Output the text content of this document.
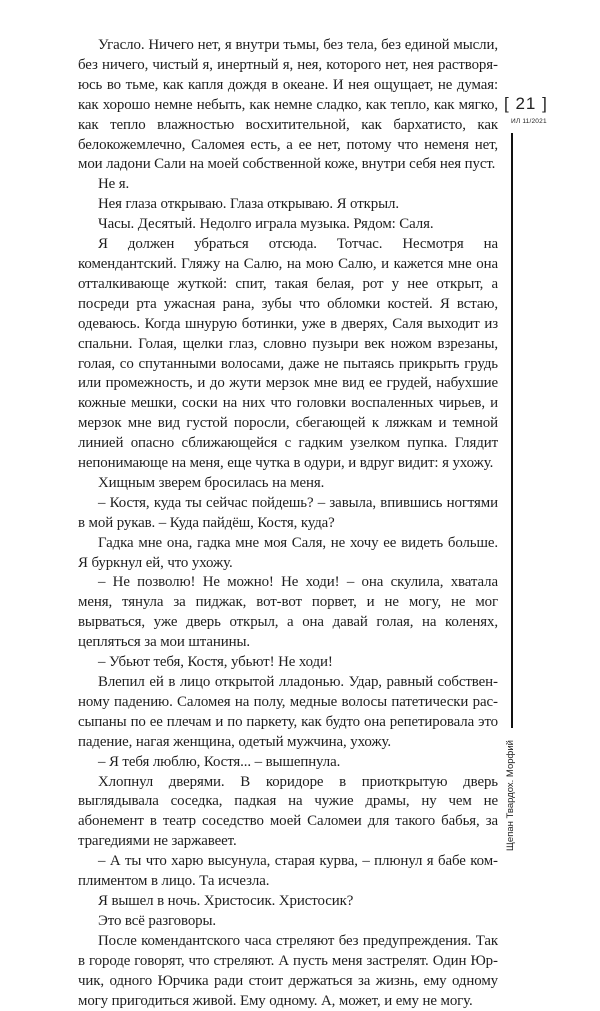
Угасло. Ничего нет, я внутри тьмы, без тела, без единой мысли, без ничего, чистый я, инертный я, нея, которого нет, нея растворяюсь во тьме, как капля дождя в океане. И нея ощущает, не думая: как хорошо немне небыть, как немне сладко, как тепло, как мягко, как тепло влажностью восхитительной, как бархатисто, как белокожемлечно, Саломея есть, а ее нет, потому что неменя нет, мои ладони Сали на моей собственной коже, внутри себя нея пуст.

Не я.

Нея глаза открываю. Глаза открываю. Я открыл.

Часы. Десятый. Недолго играла музыка. Рядом: Саля.

Я должен убраться отсюда. Тотчас. Несмотря на комендантский. Гляжу на Салю, на мою Салю, и кажется мне она отталкивающе жуткой: спит, такая белая, рот у нее открыт, а посреди рта ужасная рана, зубы что обломки костей. Я встаю, одеваюсь. Когда шнурую ботинки, уже в дверях, Саля выходит из спальни. Голая, щелки глаз, словно пузыри век ножом взрезаны, голая, со спутанными волосами, даже не пытаясь прикрыть грудь или промежность, и до жути мерзок мне вид ее грудей, набухшие кожные мешки, соски на них что головки воспаленных чирьев, и мерзок мне вид густой поросли, сбегающей к ляжкам и темной линией опасно сближающейся с гадким узелком пупка. Глядит непонимающе на меня, еще чутка в одури, и вдруг видит: я ухожу.

Хищным зверем бросилась на меня.

– Костя, куда ты сейчас пойдешь? – завыла, впившись ногтями в мой рукав. – Куда пайдёш, Костя, куда?

Гадка мне она, гадка мне моя Саля, не хочу ее видеть больше. Я буркнул ей, что ухожу.

– Не позволю! Не можно! Не ходи! – она скулила, хватала меня, тянула за пиджак, вот-вот порвет, и не могу, не мог вырваться, уже дверь открыл, а она давай голая, на коленях, цепляться за мои штанины.

– Убьют тебя, Костя, убьют! Не ходи!

Влепил ей в лицо открытой лладонью. Удар, равный собственному падению. Саломея на полу, медные волосы патетически рассыпаны по ее плечам и по паркету, как будто она репетировала это падение, нагая женщина, одетый мужчина, ухожу.

– Я тебя люблю, Костя... – вышепнула.

Хлопнул дверями. В коридоре в приоткрытую дверь выглядывала соседка, падкая на чужие драмы, ну чем не абонемент в театр соседство моей Саломеи для такого бабья, за трагедиями не заржавеет.

– А ты что харю высунула, старая курва, – плюнул я бабе комплиментом в лицо. Та исчезла.

Я вышел в ночь. Христосик. Христосик?

Это всё разговоры.

После комендантского часа стреляют без предупреждения. Так в городе говорят, что стреляют. А пусть меня застрелят. Один Юрчик, одного Юрчика ради стоит держаться за жизнь, ему одному могу пригодиться живой. Ему одному. А, может, и ему не могу.

[ 21 ]
ИЛ 11/2021
Щепан Твардох. Морфий
